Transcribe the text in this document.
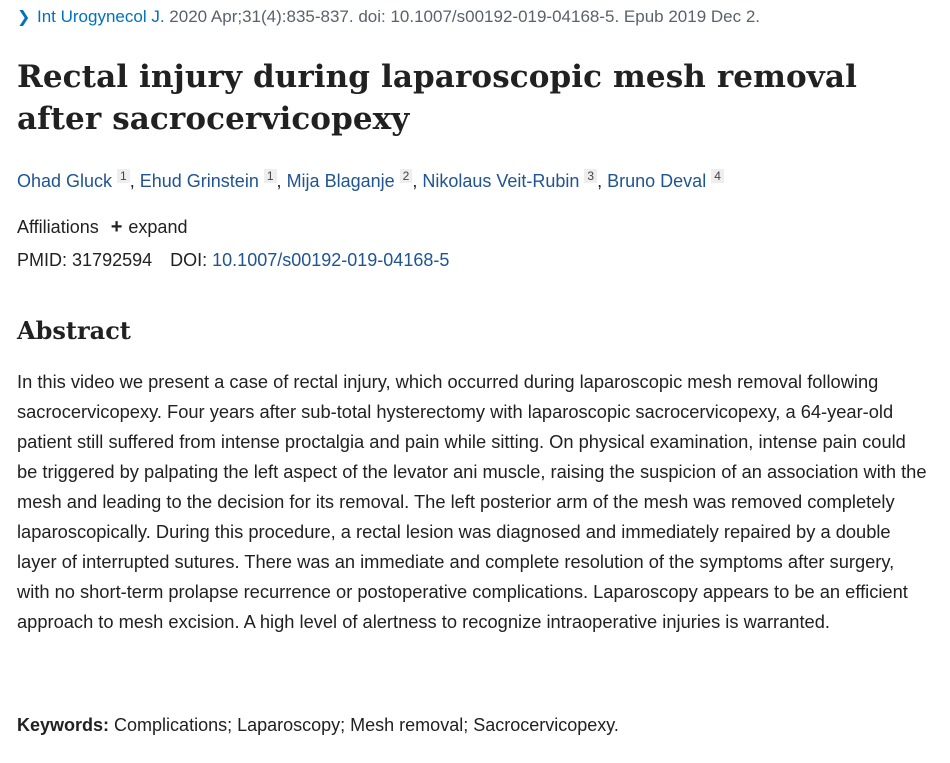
❯ Int Urogynecol J. 2020 Apr;31(4):835-837. doi: 10.1007/s00192-019-04168-5. Epub 2019 Dec 2.
Rectal injury during laparoscopic mesh removal after sacrocervicopexy
Ohad Gluck $^1$ , Ehud Grinstein $^1$ , Mija Blaganje $^2$ , Nikolaus Veit-Rubin $^3$ , Bruno Deval $^4$
Affiliations + expand
PMID: 31792594 DOI: 10.1007/s00192-019-04168-5
Abstract

In this video we present a case of rectal injury, which occurred during laparoscopic mesh removal following sacrocervicopexy. Four years after sub-total hysterectomy with laparoscopic sacrocervicopexy, a 64-year-old patient still suffered from intense proctalgia and pain while sitting. On physical examination, intense pain could be triggered by palpating the left aspect of the levator ani muscle, raising the suspicion of an association with the mesh and leading to the decision for its removal. The left posterior arm of the mesh was removed completely laparoscopically. During this procedure, a rectal lesion was diagnosed and immediately repaired by a double layer of interrupted sutures. There was an immediate and complete resolution of the symptoms after surgery, with no short-term prolapse recurrence or postoperative complications. Laparoscopy appears to be an efficient approach to mesh excision. A high level of alertness to recognize intraoperative injuries is warranted.

Keywords: Complications; Laparoscopy; Mesh removal; Sacrocervicopexy.
